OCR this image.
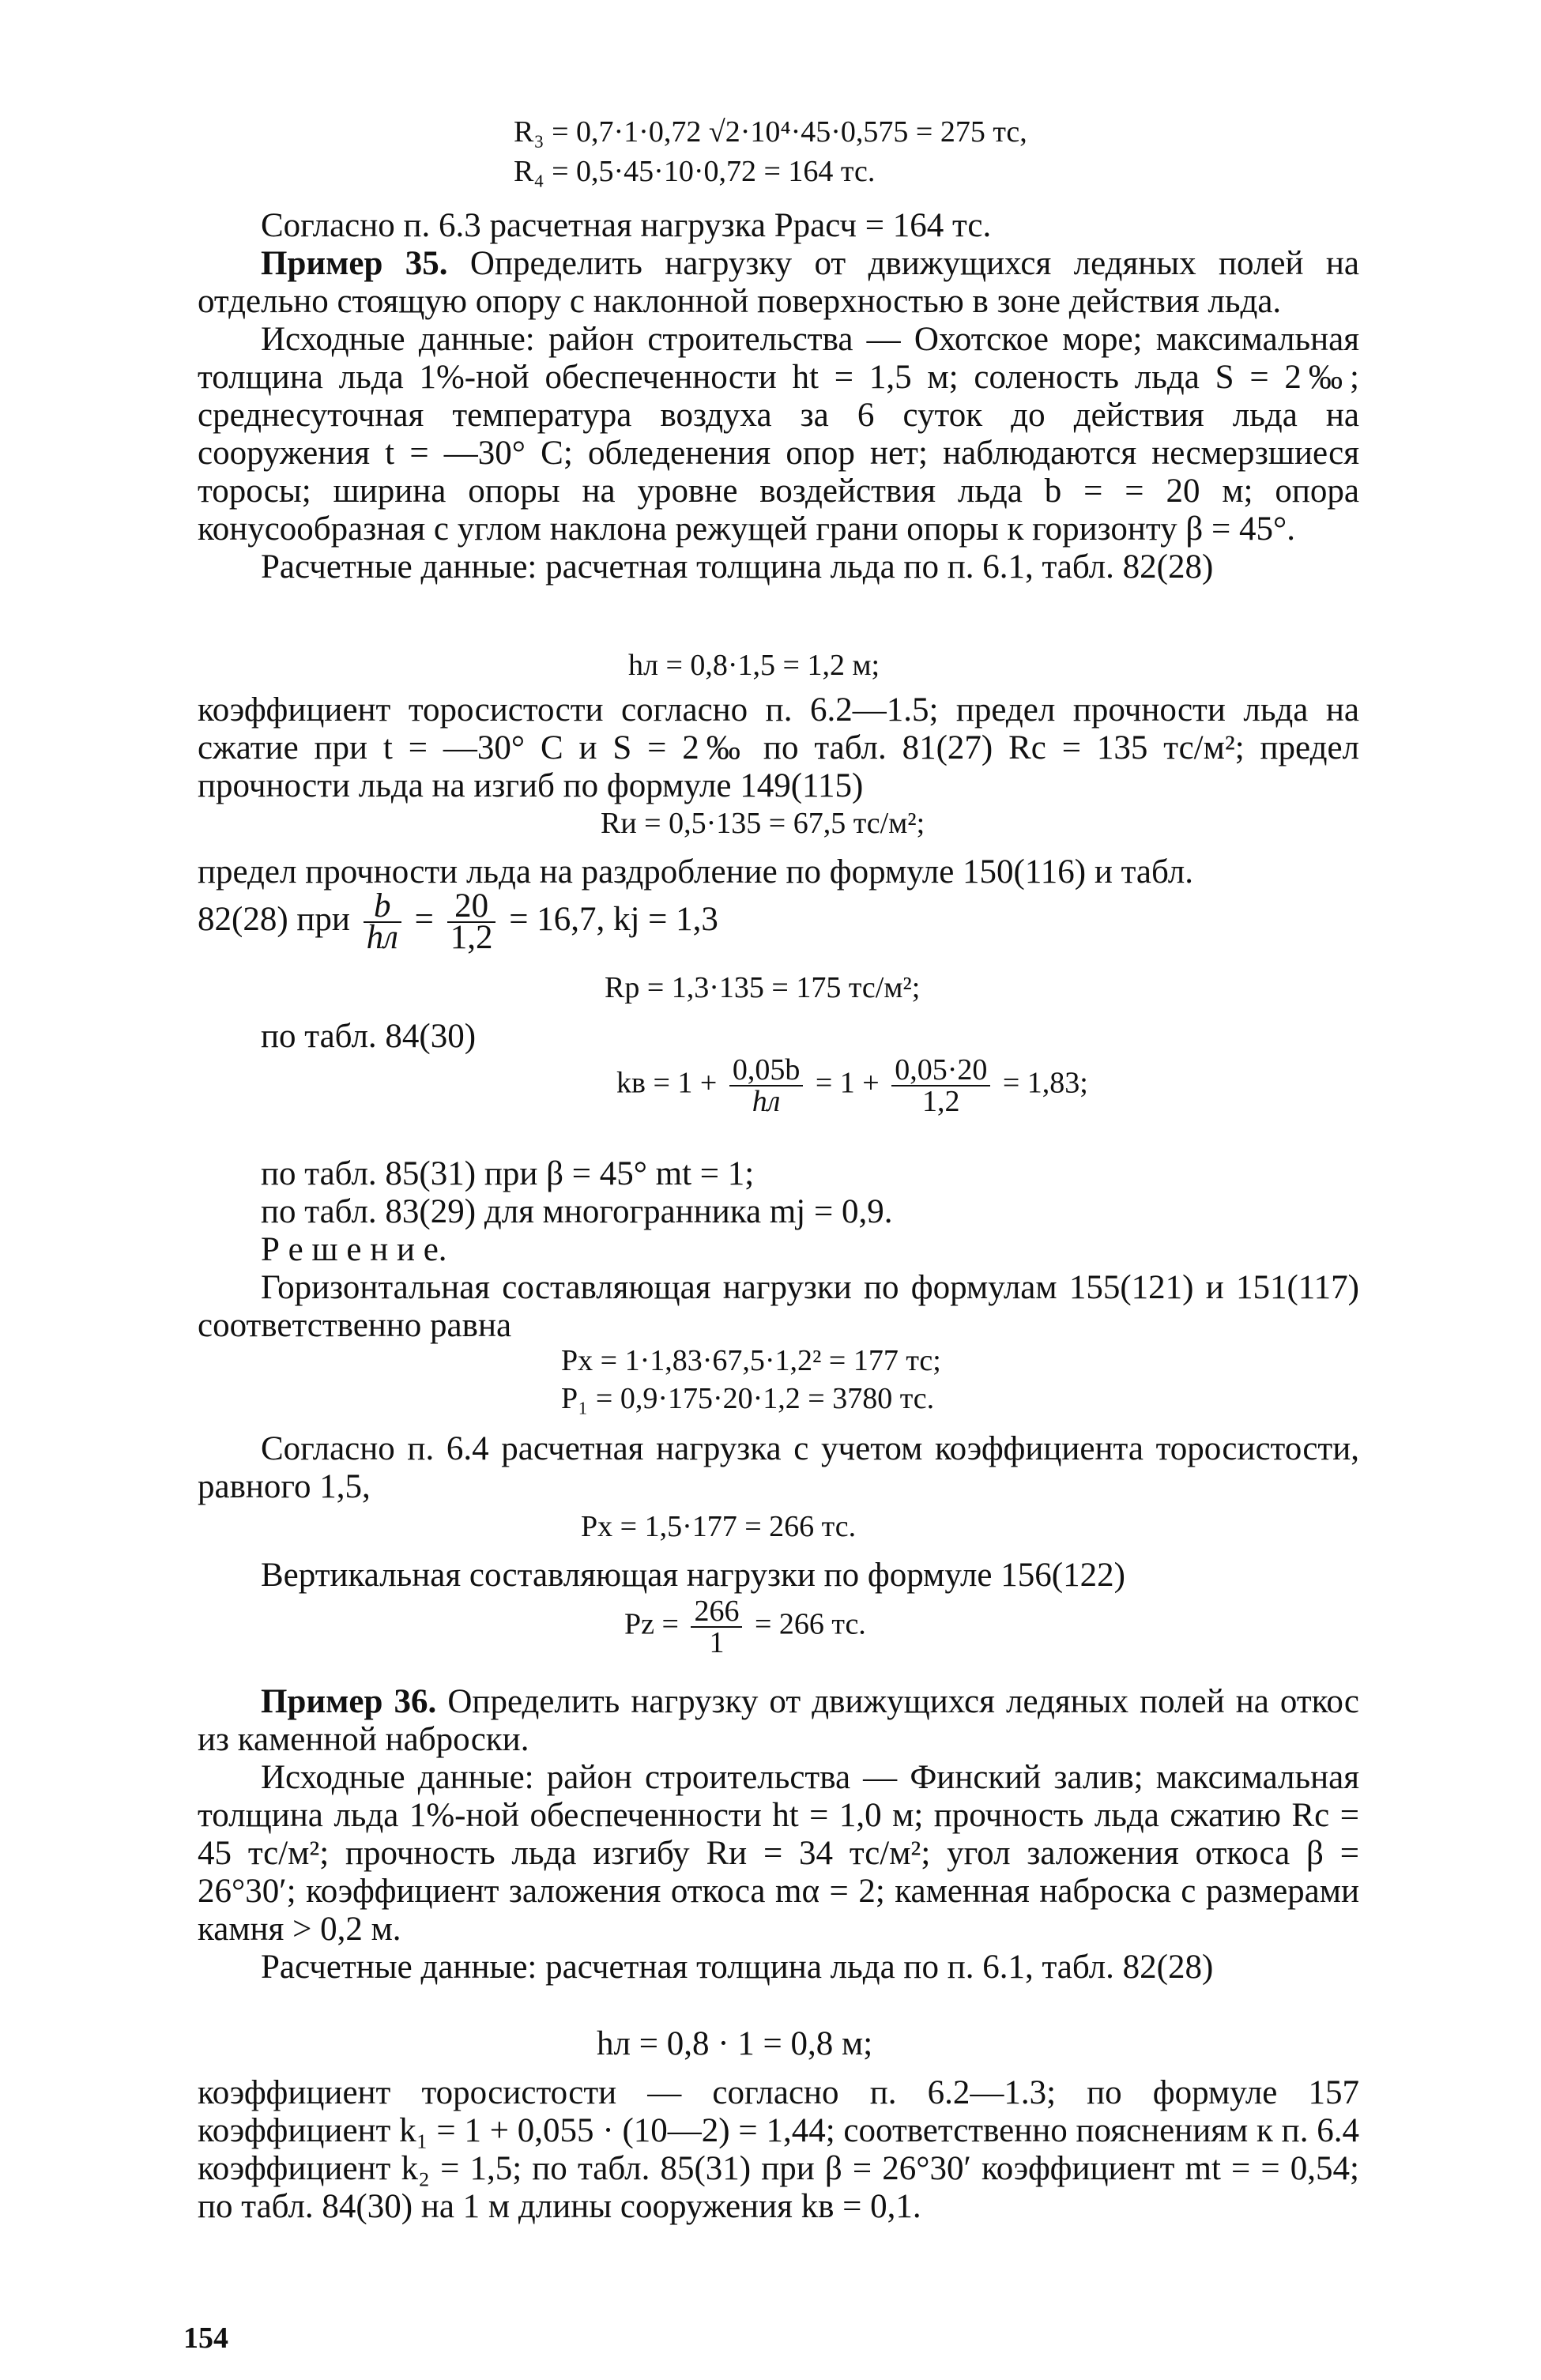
R₃ = 0,7·1·0,72 √2·10⁴·45·0,575 = 275 тс,
R₄ = 0,5·45·10·0,72 = 164 тс.

Согласно п. 6.3 расчетная нагрузка Pрасч = 164 тс.

Пример 35. Определить нагрузку от движущихся ледяных полей на отдельно стоящую опору с наклонной поверхностью в зоне действия льда.

Исходные данные: район строительства — Охотское море; максимальная толщина льда 1%-ной обеспеченности ht = 1,5 м; соленость льда S = 2‰; среднесуточная температура воздуха за 6 суток до действия льда на сооружения t = —30° C; обледенения опор нет; наблюдаются несмерзшиеся торосы; ширина опоры на уровне воздействия льда b = = 20 м; опора конусообразная с углом наклона режущей грани опоры к горизонту β = 45°.

Расчетные данные: расчетная толщина льда по п. 6.1, табл. 82(28)

hл = 0,8·1,5 = 1,2 м;

коэффициент торосистости согласно п. 6.2—1.5; предел прочности льда на сжатие при t = —30° C и S = 2‰ по табл. 81(27) Rc = 135 тс/м²; предел прочности льда на изгиб по формуле 149(115)

Rи = 0,5·135 = 67,5 тс/м²;

предел прочности льда на раздробление по формуле 150(116) и табл.

82(28) при $\frac{b}{hл} = \frac{20}{1,2} = 16,7$, kj = 1,3

Rp = 1,3·135 = 175 тс/м²;
по табл. 84(30)
kв = $1 + \frac{0,05b}{hл} = 1 + \frac{0,05\cdot 20}{1,2} = 1,83$;

по табл. 85(31) при β = 45° mt = 1;

по табл. 83(29) для многогранника mj = 0,9.

Р е ш е н и е.

Горизонтальная составляющая нагрузки по формулам 155(121) и 151(117) соответственно равна

Px = 1·1,83·67,5·1,2² = 177 тс;
P₁ = 0,9·175·20·1,2 = 3780 тс.

Согласно п. 6.4 расчетная нагрузка с учетом коэффициента торосистости, равного 1,5,

Px = 1,5·177 = 266 тс.

Вертикальная составляющая нагрузки по формуле 156(122)

$Pz = \frac{266}{1} = 266$ тс.

Пример 36. Определить нагрузку от движущихся ледяных полей на откос из каменной наброски.

Исходные данные: район строительства — Финский залив; максимальная толщина льда 1%-ной обеспеченности ht = 1,0 м; прочность льда сжатию Rc = 45 тс/м²; прочность льда изгибу Rи = 34 тс/м²; угол заложения откоса β = 26°30′; коэффициент заложения откоса mα = 2; каменная наброска с размерами камня > 0,2 м.

Расчетные данные: расчетная толщина льда по п. 6.1, табл. 82(28)

hл = 0,8 · 1 = 0,8 м;

коэффициент торосистости — согласно п. 6.2—1.3; по формуле 157 коэффициент k₁ = 1 + 0,055 · (10—2) = 1,44; соответственно пояснениям к п. 6.4 коэффициент k₂ = 1,5; по табл. 85(31) при β = 26°30′ коэффициент mt = = 0,54; по табл. 84(30) на 1 м длины сооружения kв = 0,1.

154
